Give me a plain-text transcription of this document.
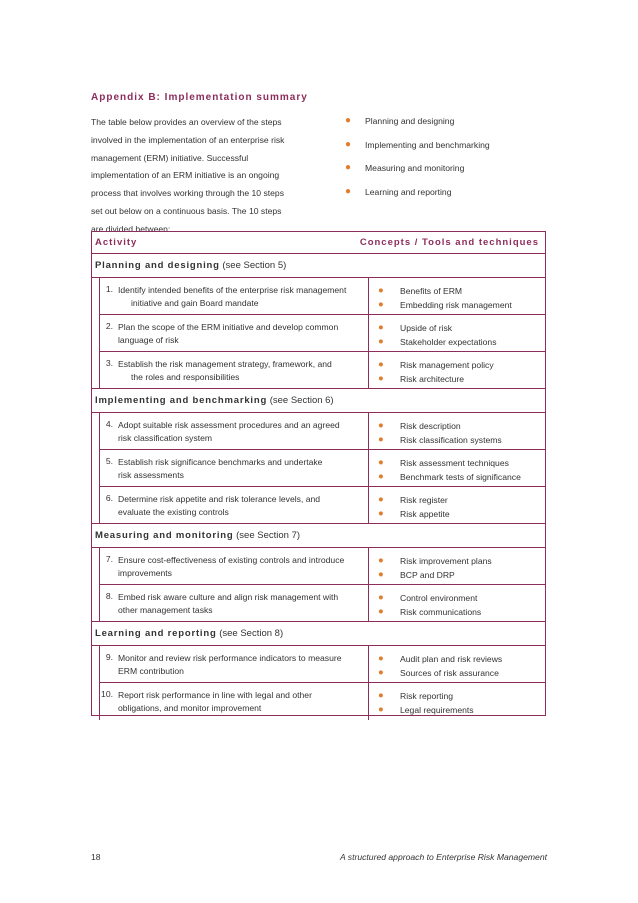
Appendix B: Implementation summary
The table below provides an overview of the steps
involved in the implementation of an enterprise risk
management (ERM) initiative. Successful
implementation of an ERM initiative is an ongoing
process that involves working through the 10 steps
set out below on a continuous basis. The 10 steps
are divided between:
● Planning and designing
● Implementing and benchmarking
● Measuring and monitoring
● Learning and reporting
Activity	Concepts / Tools and techniques
Planning and designing (see Section 5)
1. Identify intended benefits of the enterprise risk management
initiative and gain Board mandate
● Benefits of ERM
● Embedding risk management
2. Plan the scope of the ERM initiative and develop common
language of risk
● Upside of risk
● Stakeholder expectations
3. Establish the risk management strategy, framework, and
the roles and responsibilities
● Risk management policy
● Risk architecture
Implementing and benchmarking (see Section 6)
4. Adopt suitable risk assessment procedures and an agreed
risk classification system
● Risk description
● Risk classification systems
5. Establish risk significance benchmarks and undertake
risk assessments
● Risk assessment techniques
● Benchmark tests of significance
6. Determine risk appetite and risk tolerance levels, and
evaluate the existing controls
● Risk register
● Risk appetite
Measuring and monitoring (see Section 7)
7. Ensure cost-effectiveness of existing controls and introduce
improvements
● Risk improvement plans
● BCP and DRP
8. Embed risk aware culture and align risk management with
other management tasks
● Control environment
● Risk communications
Learning and reporting (see Section 8)
9. Monitor and review risk performance indicators to measure
ERM contribution
● Audit plan and risk reviews
● Sources of risk assurance
10. Report risk performance in line with legal and other
obligations, and monitor improvement
● Risk reporting
● Legal requirements
18	A structured approach to Enterprise Risk Management
